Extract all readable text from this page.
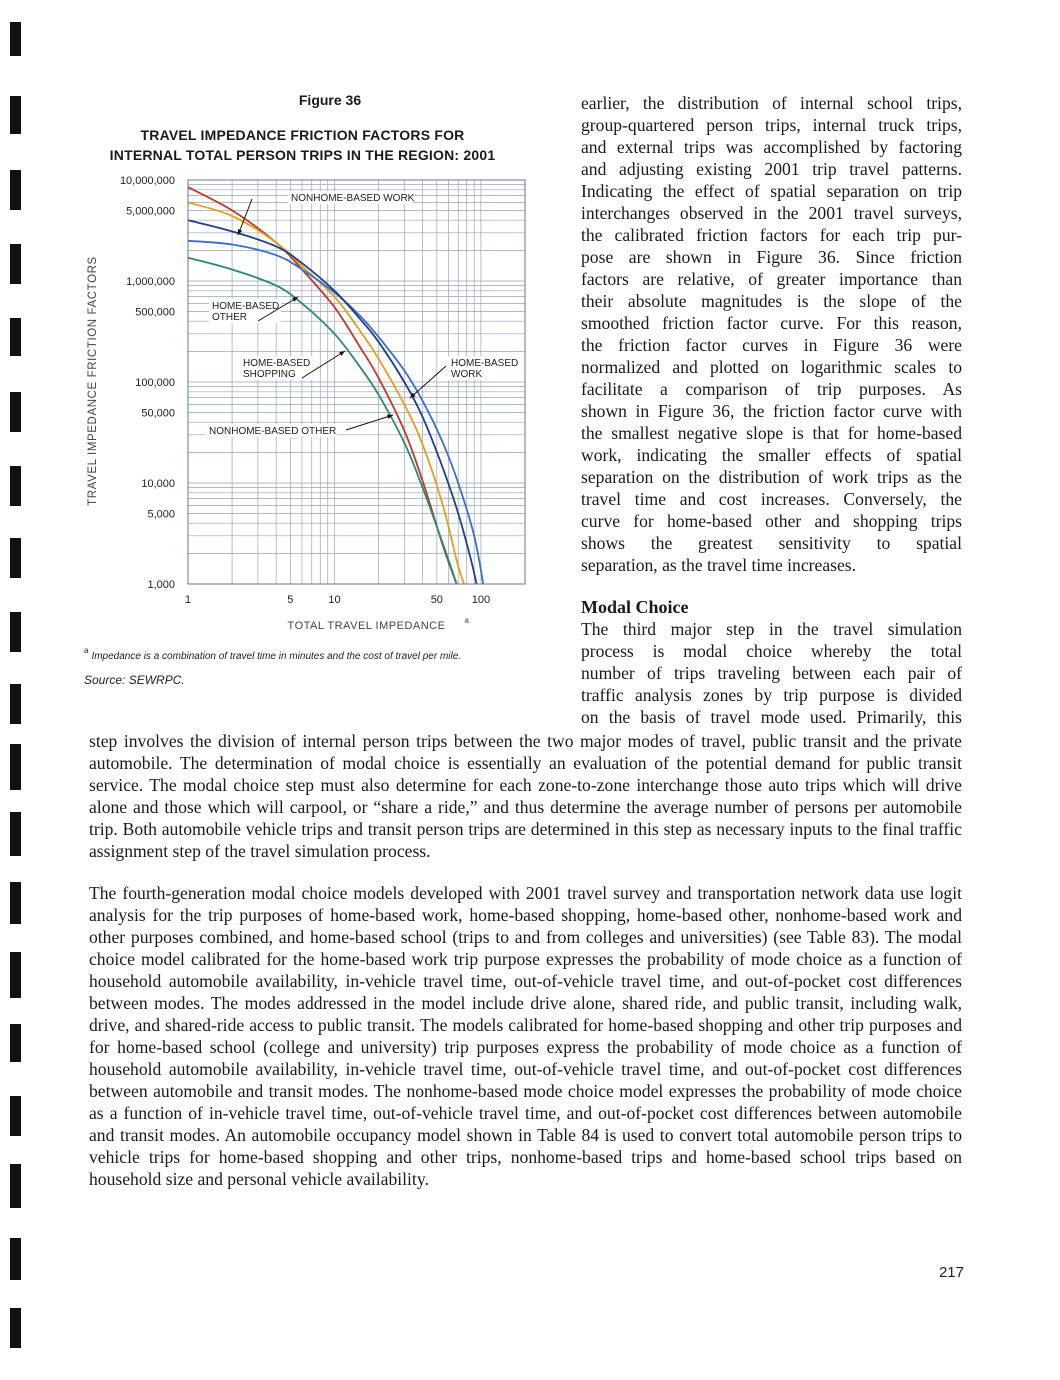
Figure 36
TRAVEL IMPEDANCE FRICTION FACTORS FOR
INTERNAL TOTAL PERSON TRIPS IN THE REGION: 2001
10,000,000
5,000,000
1,000,000
500,000
100,000
50,000
10,000
5,000
1,000
1	5	10	50	100
TOTAL TRAVEL IMPEDANCE a
TRAVEL IMPEDANCE FRICTION FACTORS
NONHOME-BASED WORK
HOME-BASED
OTHER
HOME-BASED
SHOPPING
HOME-BASED
WORK
NONHOME-BASED OTHER
$^a$Impedance is a combination of travel time in minutes and the cost of travel per mile.
Source: SEWRPC.

earlier, the distribution of internal school trips,

group-quartered person trips, internal truck trips,

and external trips was accomplished by factoring

and adjusting existing 2001 trip travel patterns.

Indicating the effect of spatial separation on trip

interchanges observed in the 2001 travel surveys,

the calibrated friction factors for each trip pur-

pose are shown in Figure 36. Since friction

factors are relative, of greater importance than

their absolute magnitudes is the slope of the

smoothed friction factor curve. For this reason,

the friction factor curves in Figure 36 were

normalized and plotted on logarithmic scales to

facilitate a comparison of trip purposes. As

shown in Figure 36, the friction factor curve with

the smallest negative slope is that for home-based

work, indicating the smaller effects of spatial

separation on the distribution of work trips as the

travel time and cost increases. Conversely, the

curve for home-based other and shopping trips

shows the greatest sensitivity to spatial

separation, as the travel time increases.

Modal Choice

The third major step in the travel simulation

process is modal choice whereby the total

number of trips traveling between each pair of

traffic analysis zones by trip purpose is divided

on the basis of travel mode used. Primarily, this

step involves the division of internal person trips between the two major modes of travel, public transit and the private automobile. The determination of modal choice is essentially an evaluation of the potential demand for public transit service. The modal choice step must also determine for each zone-to-zone interchange those auto trips which will drive alone and those which will carpool, or “share a ride,” and thus determine the average number of persons per automobile trip. Both automobile vehicle trips and transit person trips are determined in this step as necessary inputs to the final traffic assignment step of the travel simulation process.

The fourth-generation modal choice models developed with 2001 travel survey and transportation network data use logit analysis for the trip purposes of home-based work, home-based shopping, home-based other, nonhome-based work and other purposes combined, and home-based school (trips to and from colleges and universities) (see Table 83). The modal choice model calibrated for the home-based work trip purpose expresses the probability of mode choice as a function of household automobile availability, in-vehicle travel time, out-of-vehicle travel time, and out-of-pocket cost differences between modes. The modes addressed in the model include drive alone, shared ride, and public transit, including walk, drive, and shared-ride access to public transit. The models calibrated for home-based shopping and other trip purposes and for home-based school (college and university) trip purposes express the probability of mode choice as a function of household automobile availability, in-vehicle travel time, out-of-vehicle travel time, and out-of-pocket cost differences between automobile and transit modes. The nonhome-based mode choice model expresses the probability of mode choice as a function of in-vehicle travel time, out-of-vehicle travel time, and out-of-pocket cost differences between automobile and transit modes. An automobile occupancy model shown in Table 84 is used to convert total automobile person trips to vehicle trips for home-based shopping and other trips, nonhome-based trips and home-based school trips based on household size and personal vehicle availability.

217
